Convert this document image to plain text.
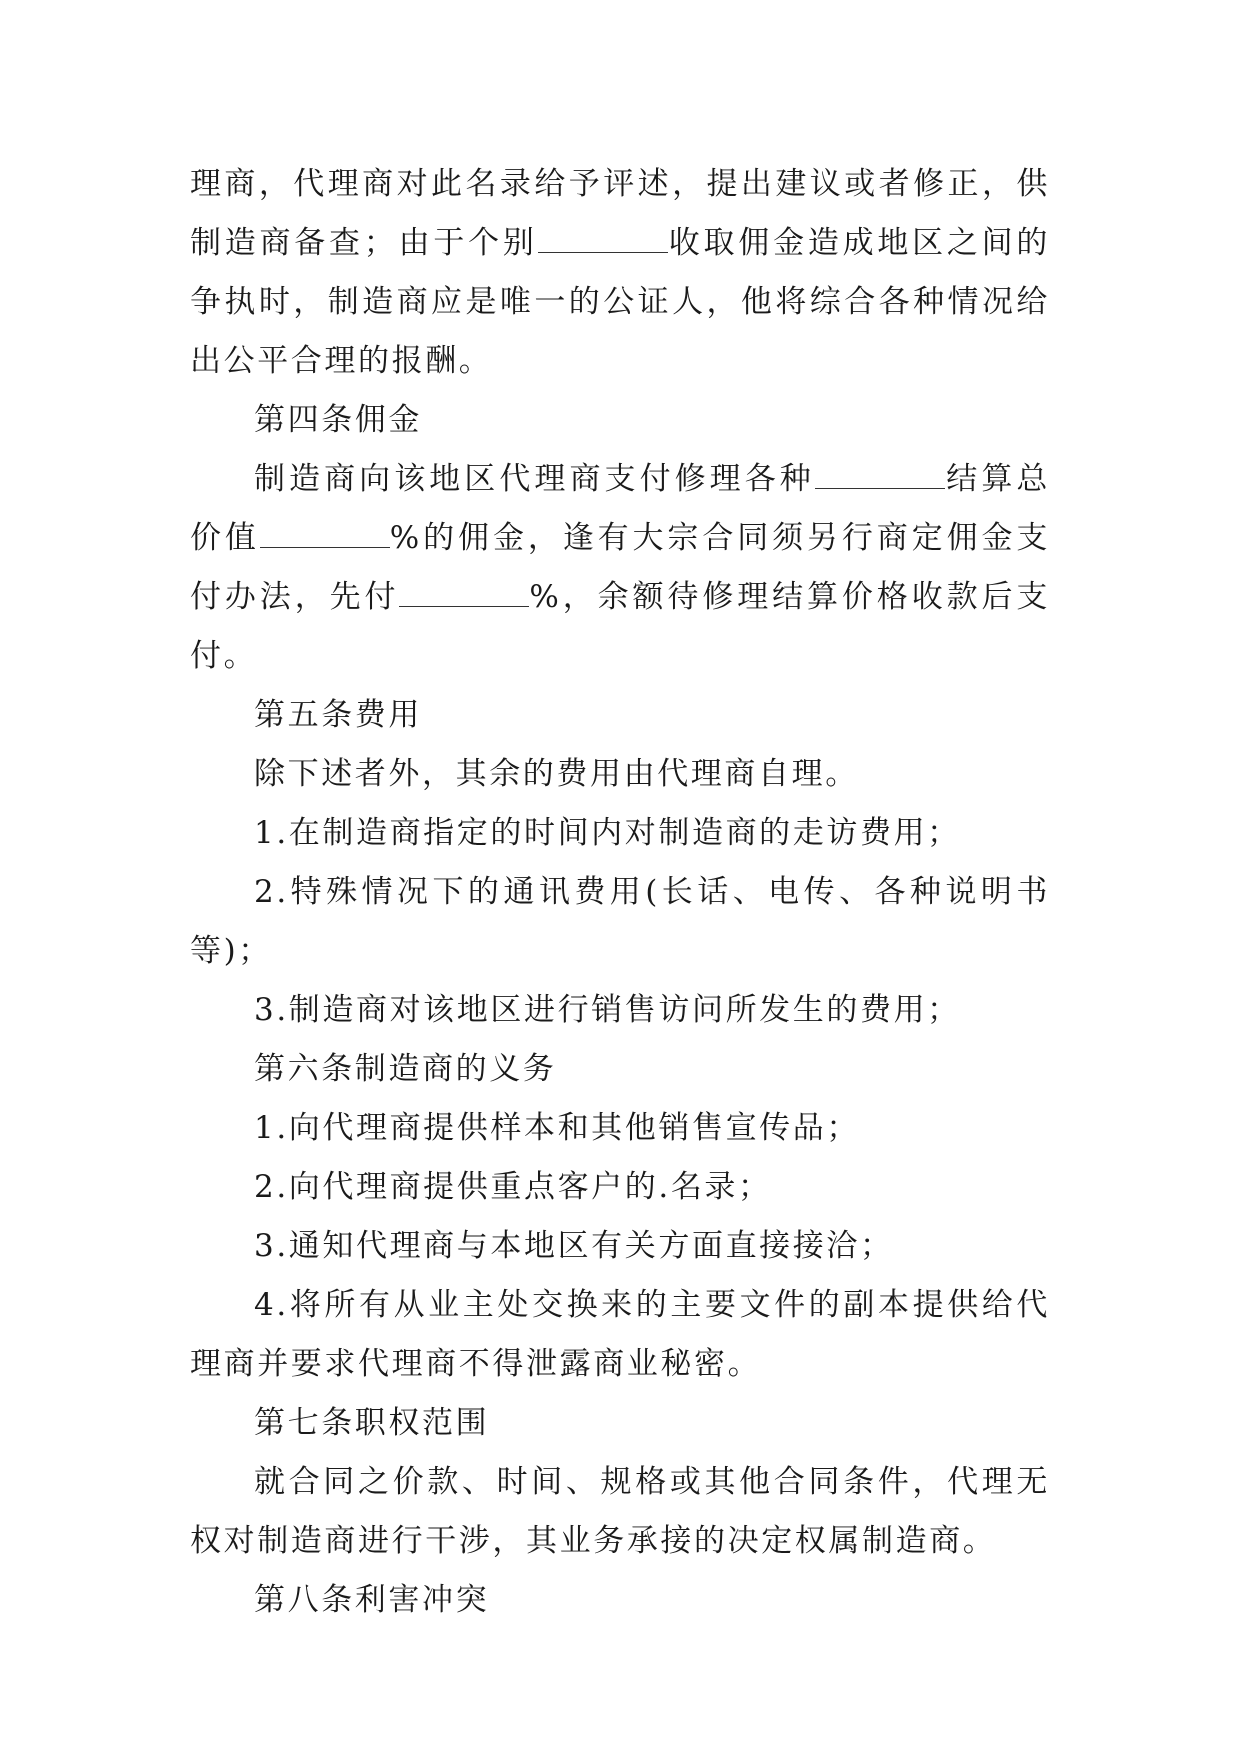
理商，代理商对此名录给予评述，提出建议或者修正，供制造商备查；由于个别	收取佣金造成地区之间的争执时，制造商应是唯一的公证人，他将综合各种情况给出公平合理的报酬。

第四条佣金

制造商向该地区代理商支付修理各种	结算总价值	%的佣金，逢有大宗合同须另行商定佣金支付办法，先付	%，余额待修理结算价格收款后支付。

第五条费用

除下述者外，其余的费用由代理商自理。

1.在制造商指定的时间内对制造商的走访费用；

2.特殊情况下的通讯费用(长话、电传、各种说明书等)；

3.制造商对该地区进行销售访问所发生的费用；

第六条制造商的义务

1.向代理商提供样本和其他销售宣传品；

2.向代理商提供重点客户的.名录；

3.通知代理商与本地区有关方面直接接洽；

4.将所有从业主处交换来的主要文件的副本提供给代理商并要求代理商不得泄露商业秘密。

第七条职权范围

就合同之价款、时间、规格或其他合同条件，代理无权对制造商进行干涉，其业务承接的决定权属制造商。

第八条利害冲突
